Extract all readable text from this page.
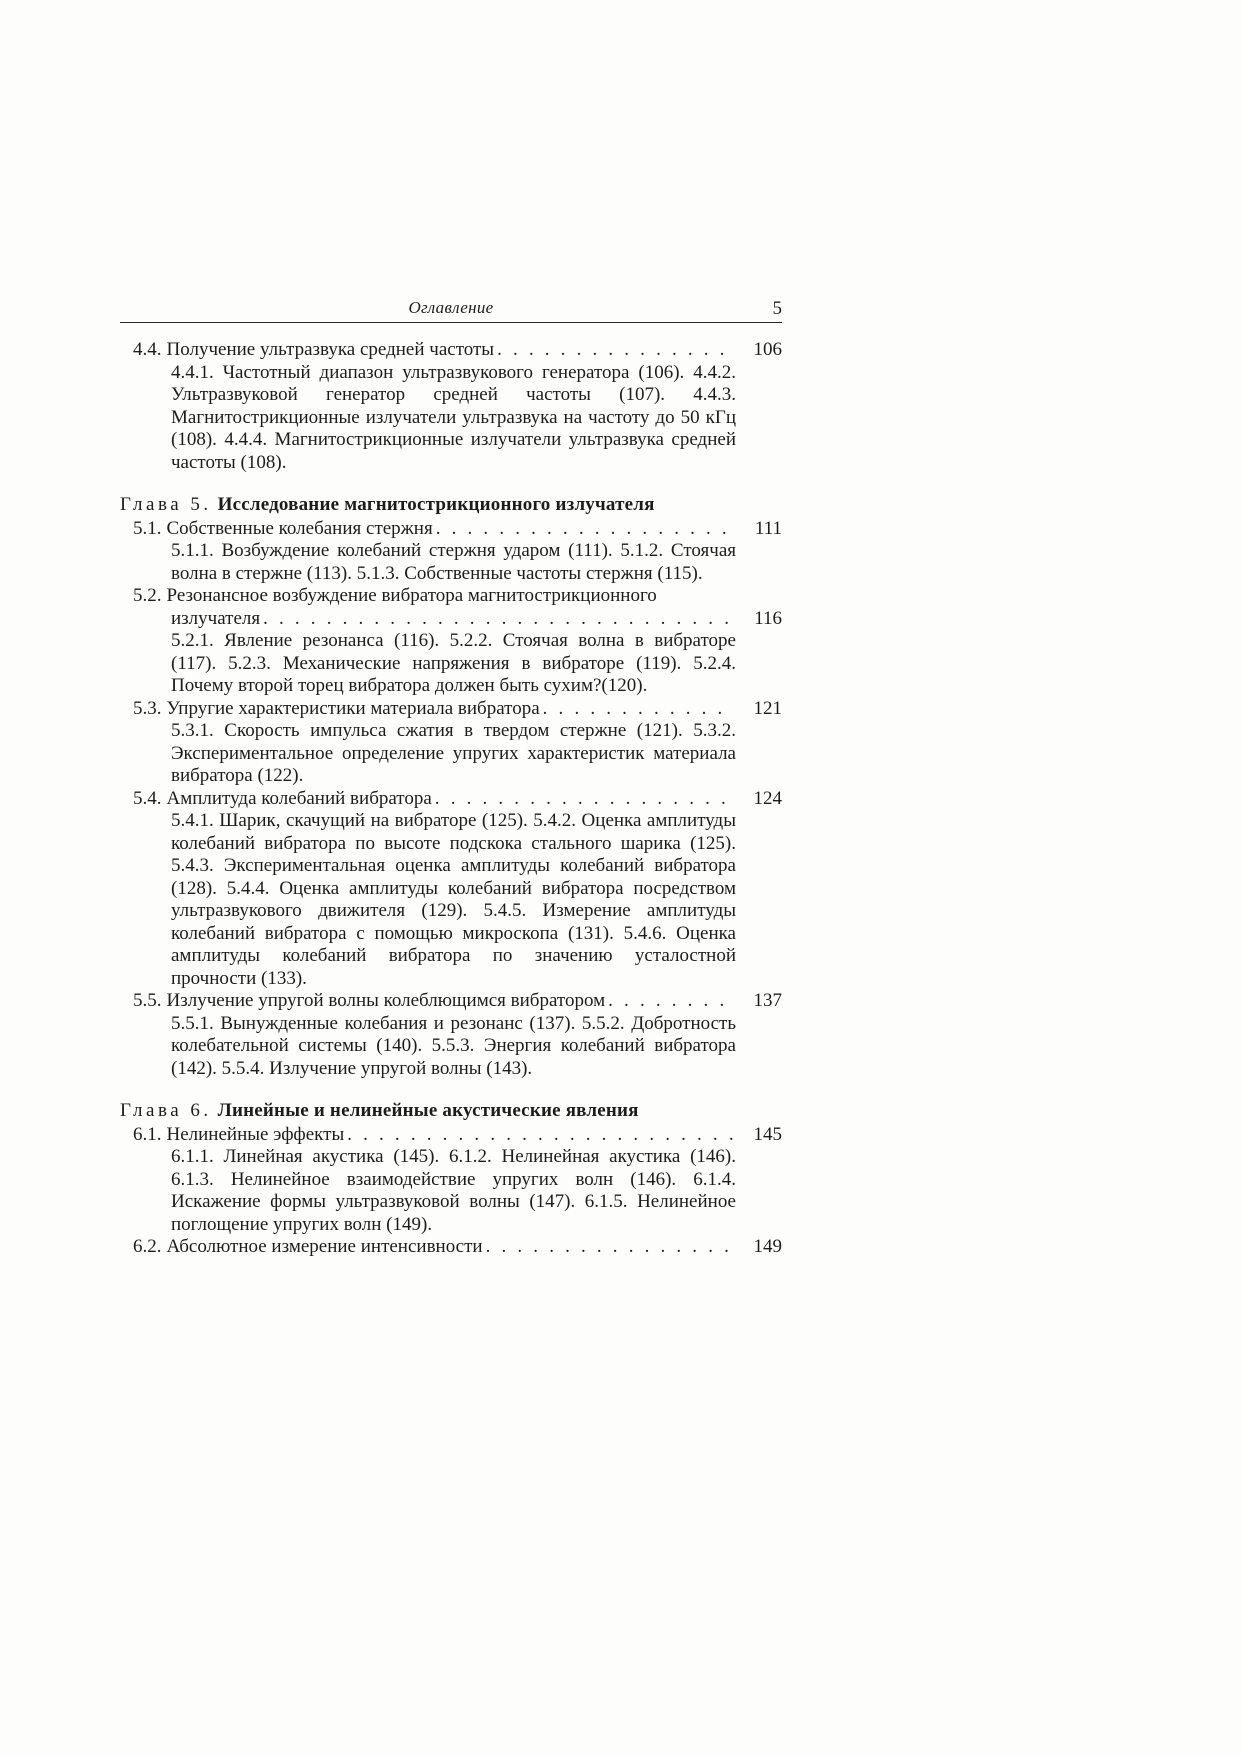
Оглавление	5
4.4. Получение ультразвука средней частоты . . .	106
4.4.1. Частотный диапазон ультразвукового генератора (106). 4.4.2. Ультразвуковой генератор средней частоты (107). 4.4.3. Магнитострикционные излучатели ультразвука на частоту до 50 кГц (108). 4.4.4. Магнитострикционные излучатели ультразвука средней частоты (108).
Глава 5. Исследование магнитострикционного излучателя
5.1. Собственные колебания стержня . . .	111
5.1.1. Возбуждение колебаний стержня ударом (111). 5.1.2. Стоячая волна в стержне (113). 5.1.3. Собственные частоты стержня (115).
5.2. Резонансное возбуждение вибратора магнитострикционного
излучателя . . .	116
5.2.1. Явление резонанса (116). 5.2.2. Стоячая волна в вибраторе (117). 5.2.3. Механические напряжения в вибраторе (119). 5.2.4. Почему второй торец вибратора должен быть сухим?(120).
5.3. Упругие характеристики материала вибратора . . .	121
5.3.1. Скорость импульса сжатия в твердом стержне (121). 5.3.2. Экспериментальное определение упругих характеристик материала вибратора (122).
5.4. Амплитуда колебаний вибратора . . .	124
5.4.1. Шарик, скачущий на вибраторе (125). 5.4.2. Оценка амплитуды колебаний вибратора по высоте подскока стального шарика (125). 5.4.3. Экспериментальная оценка амплитуды колебаний вибратора (128). 5.4.4. Оценка амплитуды колебаний вибратора посредством ультразвукового движителя (129). 5.4.5. Измерение амплитуды колебаний вибратора с помощью микроскопа (131). 5.4.6. Оценка амплитуды колебаний вибратора по значению усталостной прочности (133).
5.5. Излучение упругой волны колеблющимся вибратором . . .	137
5.5.1. Вынужденные колебания и резонанс (137). 5.5.2. Добротность колебательной системы (140). 5.5.3. Энергия колебаний вибратора (142). 5.5.4. Излучение упругой волны (143).
Глава 6. Линейные и нелинейные акустические явления
6.1. Нелинейные эффекты . . .	145
6.1.1. Линейная акустика (145). 6.1.2. Нелинейная акустика (146). 6.1.3. Нелинейное взаимодействие упругих волн (146). 6.1.4. Искажение формы ультразвуковой волны (147). 6.1.5. Нелинейное поглощение упругих волн (149).
6.2. Абсолютное измерение интенсивности . . .	149
